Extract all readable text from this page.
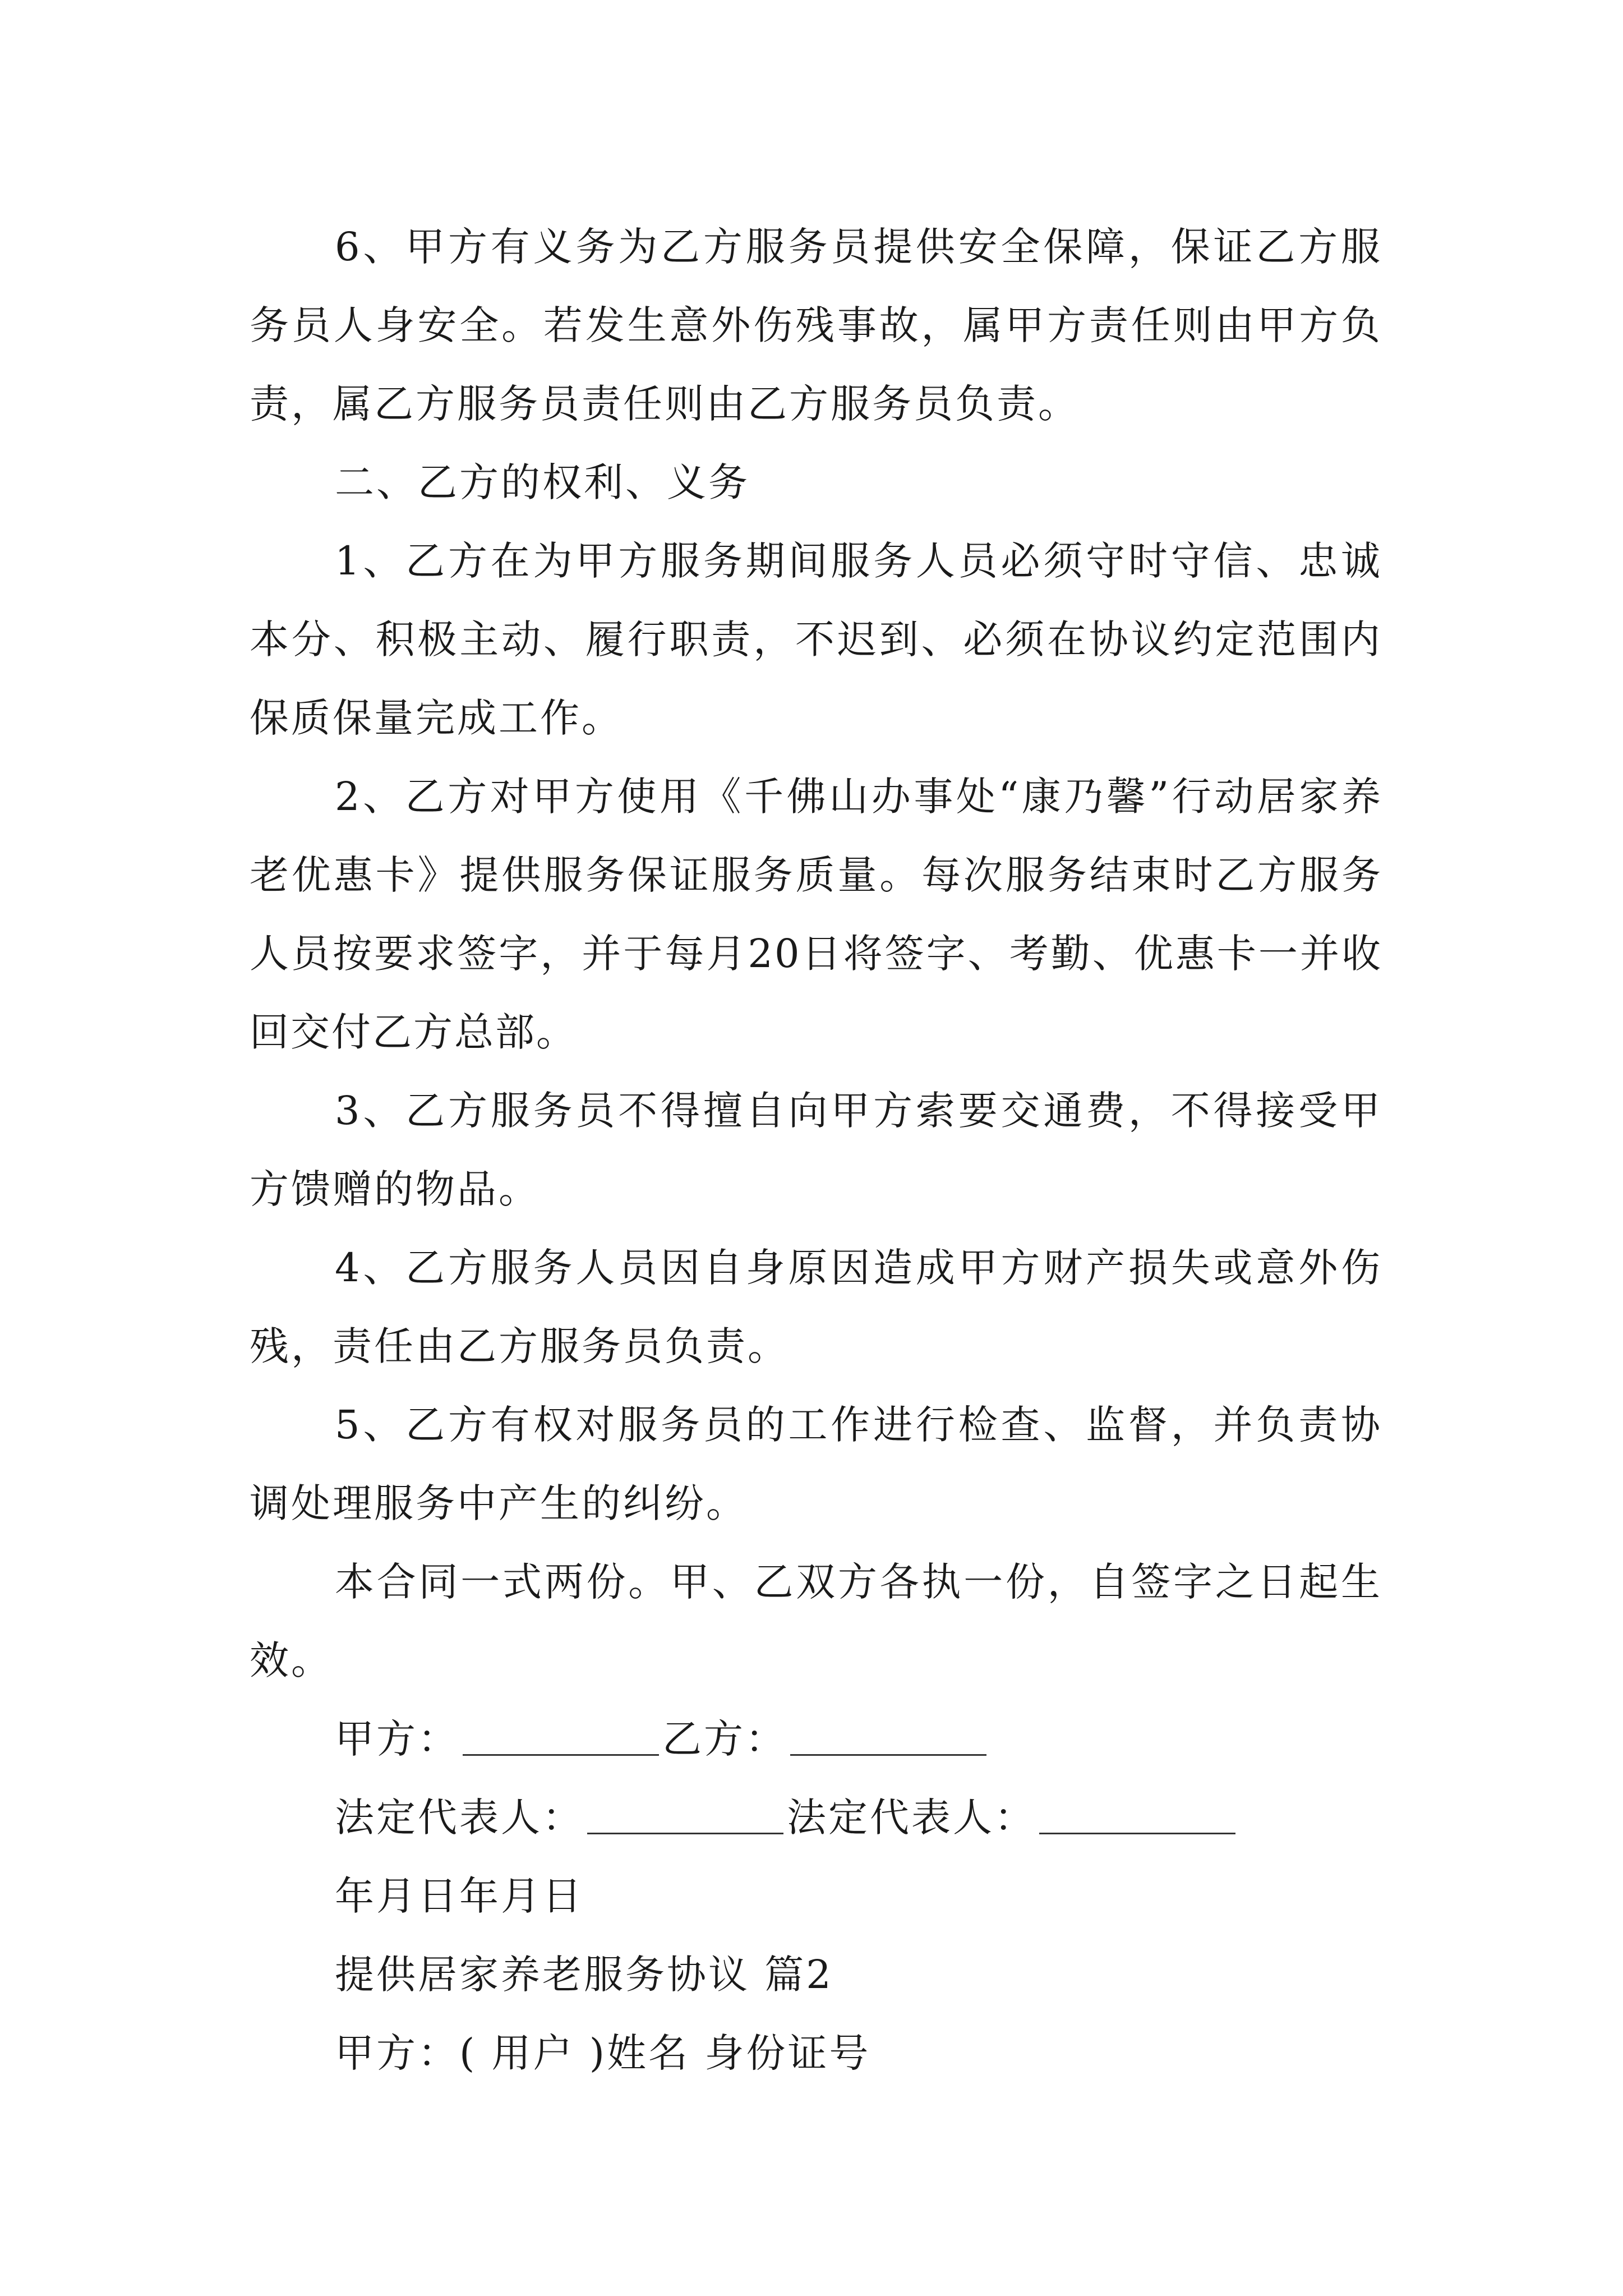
6、甲方有义务为乙方服务员提供安全保障，保证乙方服务员人身安全。若发生意外伤残事故，属甲方责任则由甲方负责，属乙方服务员责任则由乙方服务员负责。

二、乙方的权利、义务

1、乙方在为甲方服务期间服务人员必须守时守信、忠诚本分、积极主动、履行职责，不迟到、必须在协议约定范围内保质保量完成工作。

2、乙方对甲方使用《千佛山办事处“康乃馨”行动居家养老优惠卡》提供服务保证服务质量。每次服务结束时乙方服务人员按要求签字，并于每月20日将签字、考勤、优惠卡一并收回交付乙方总部。

3、乙方服务员不得擅自向甲方索要交通费，不得接受甲方馈赠的物品。

4、乙方服务人员因自身原因造成甲方财产损失或意外伤残，责任由乙方服务员负责。

5、乙方有权对服务员的工作进行检查、监督，并负责协调处理服务中产生的纠纷。

本合同一式两份。甲、乙双方各执一份，自签字之日起生效。

甲方：	乙方：
法定代表人：	法定代表人：
年月日年月日
提供居家养老服务协议 篇2
甲方：( 用户 )姓名 身份证号
